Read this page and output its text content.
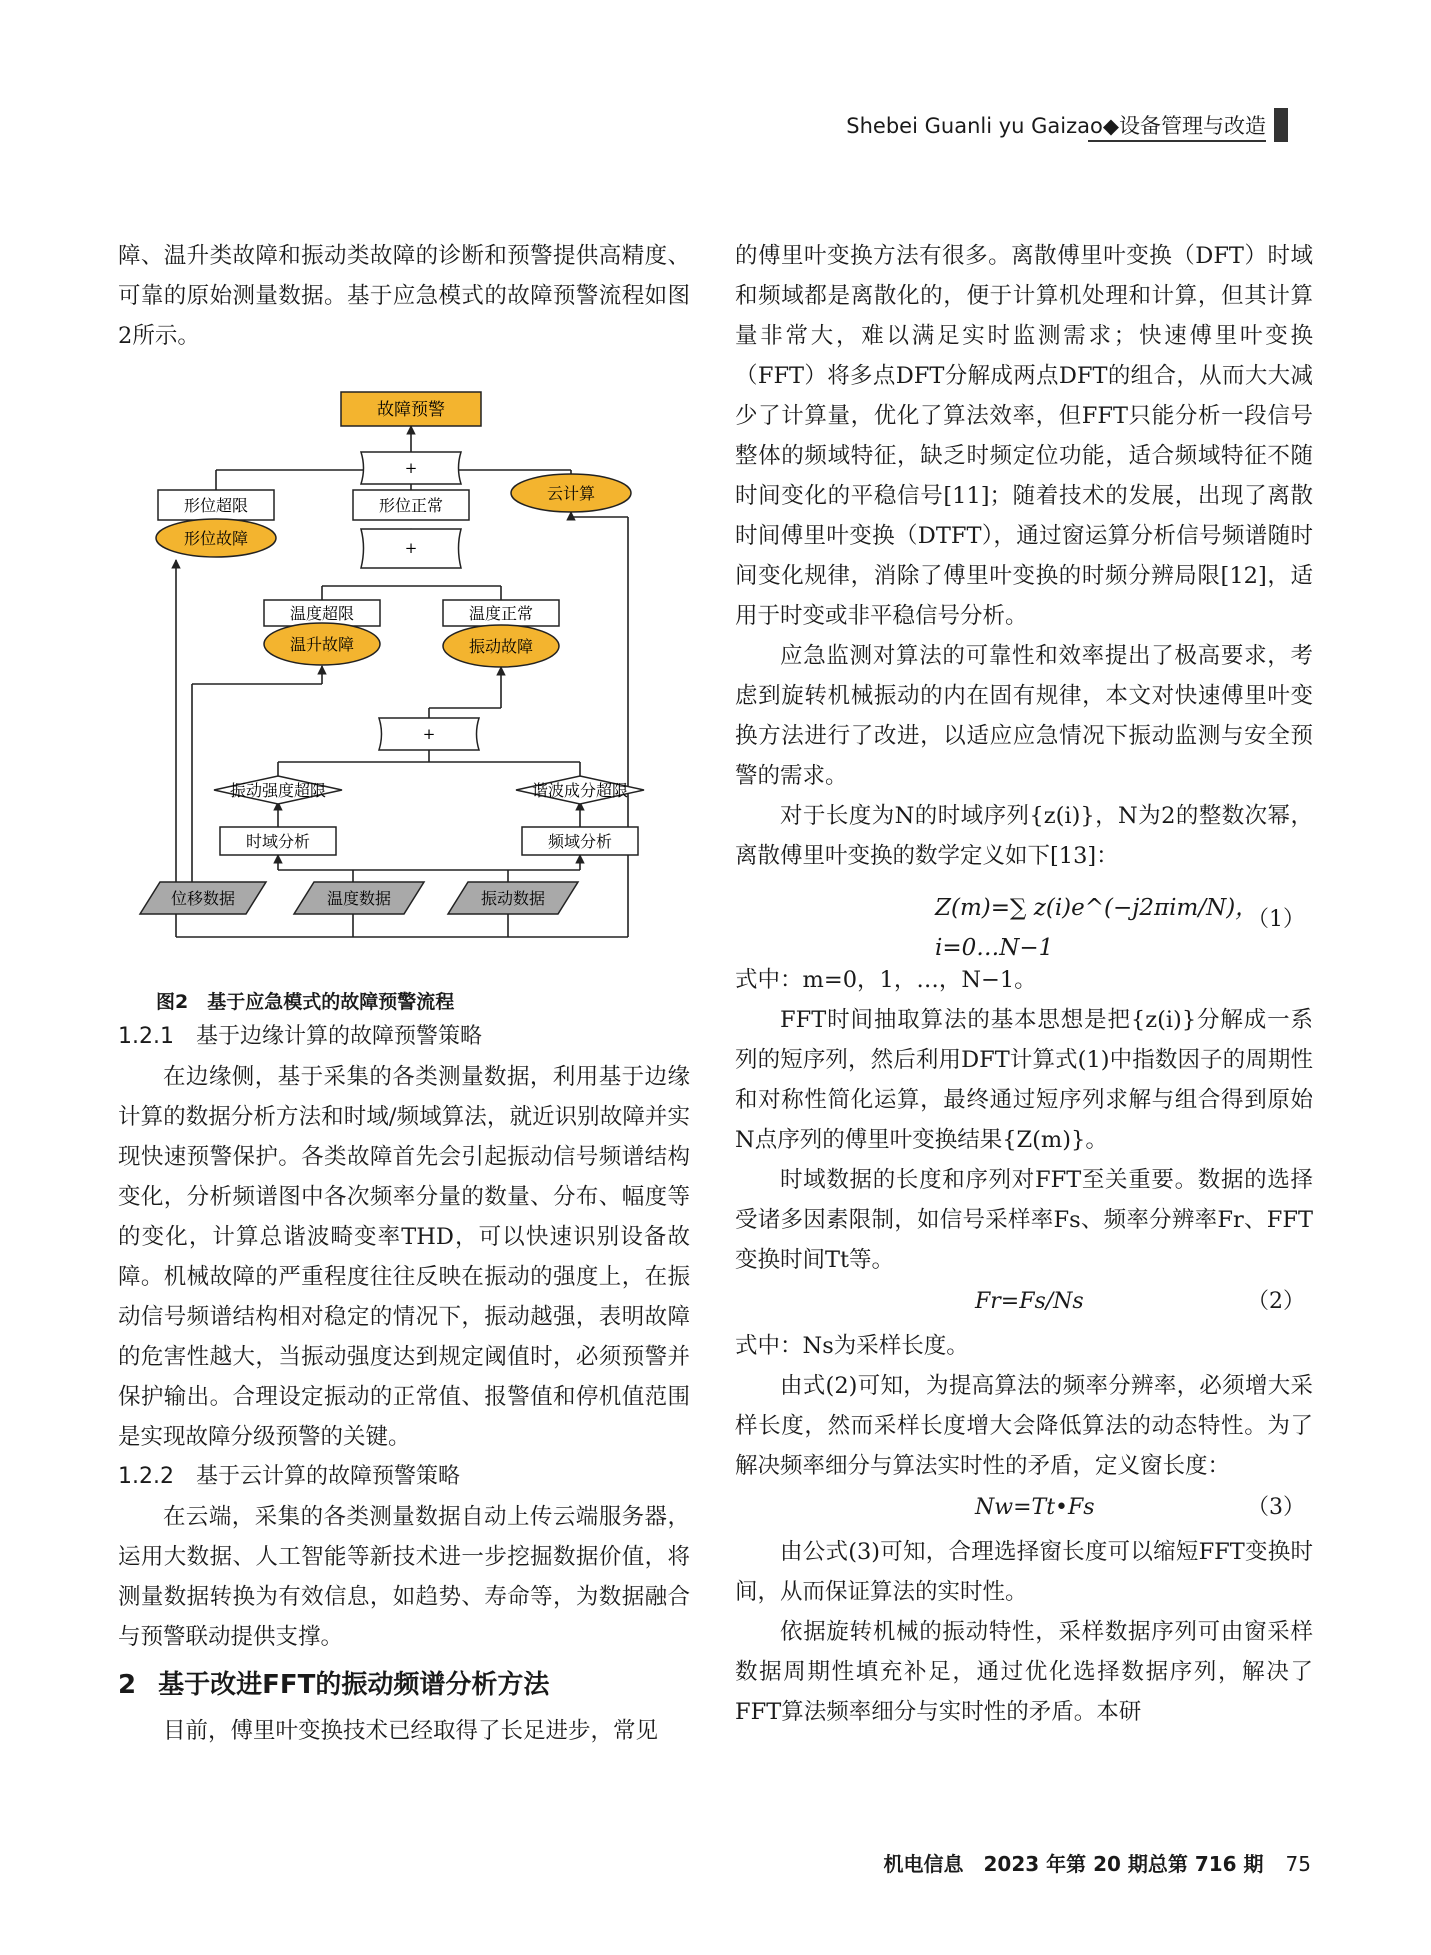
Shebei Guanli yu Gaizao◆设备管理与改造

障、温升类故障和振动类故障的诊断和预警提供高精度、可靠的原始测量数据。基于应急模式的故障预警流程如图2所示。

故障预警
+
形位超限	形位正常
云计算
形位故障	+
温度超限	温度正常
温升故障	振动故障
+
振动强度超限	谐波成分超限
时域分析	频域分析
位移数据	温度数据	振动数据

图2　基于应急模式的故障预警流程

1.2.1　基于边缘计算的故障预警策略

在边缘侧，基于采集的各类测量数据，利用基于边缘计算的数据分析方法和时域/频域算法，就近识别故障并实现快速预警保护。各类故障首先会引起振动信号频谱结构变化，分析频谱图中各次频率分量的数量、分布、幅度等的变化，计算总谐波畸变率THD，可以快速识别设备故障。机械故障的严重程度往往反映在振动的强度上，在振动信号频谱结构相对稳定的情况下，振动越强，表明故障的危害性越大，当振动强度达到规定阈值时，必须预警并保护输出。合理设定振动的正常值、报警值和停机值范围是实现故障分级预警的关键。

1.2.2　基于云计算的故障预警策略

在云端，采集的各类测量数据自动上传云端服务器，运用大数据、人工智能等新技术进一步挖掘数据价值，将测量数据转换为有效信息，如趋势、寿命等，为数据融合与预警联动提供支撑。

2 基于改进FFT的振动频谱分析方法

目前，傅里叶变换技术已经取得了长足进步，常见

的傅里叶变换方法有很多。离散傅里叶变换（DFT）时域和频域都是离散化的，便于计算机处理和计算，但其计算量非常大，难以满足实时监测需求；快速傅里叶变换（FFT）将多点DFT分解成两点DFT的组合，从而大大减少了计算量，优化了算法效率，但FFT只能分析一段信号整体的频域特征，缺乏时频定位功能，适合频域特征不随时间变化的平稳信号[11]；随着技术的发展，出现了离散时间傅里叶变换（DTFT），通过窗运算分析信号频谱随时间变化规律，消除了傅里叶变换的时频分辨局限[12]，适用于时变或非平稳信号分析。

应急监测对算法的可靠性和效率提出了极高要求，考虑到旋转机械振动的内在固有规律，本文对快速傅里叶变换方法进行了改进，以适应应急情况下振动监测与安全预警的需求。

对于长度为N的时域序列{z(i)}，N为2的整数次幂，离散傅里叶变换的数学定义如下[13]：

Z(m)=∑ z(i)e^(−j2πim/N)，i=0…N−1
（1）

式中：m=0，1，…，N−1。

FFT时间抽取算法的基本思想是把{z(i)}分解成一系列的短序列，然后利用DFT计算式(1)中指数因子的周期性和对称性简化运算，最终通过短序列求解与组合得到原始N点序列的傅里叶变换结果{Z(m)}。

时域数据的长度和序列对FFT至关重要。数据的选择受诸多因素限制，如信号采样率Fs、频率分辨率Fr、FFT变换时间Tt等。

Fr=Fs/Ns	（2）

式中：Ns为采样长度。

由式(2)可知，为提高算法的频率分辨率，必须增大采样长度，然而采样长度增大会降低算法的动态特性。为了解决频率细分与算法实时性的矛盾，定义窗长度：

Nw=Tt•Fs	（3）

由公式(3)可知，合理选择窗长度可以缩短FFT变换时间，从而保证算法的实时性。

依据旋转机械的振动特性，采样数据序列可由窗采样数据周期性填充补足，通过优化选择数据序列，解决了FFT算法频率细分与实时性的矛盾。本研

机电信息　2023 年第 20 期总第 716 期 75
